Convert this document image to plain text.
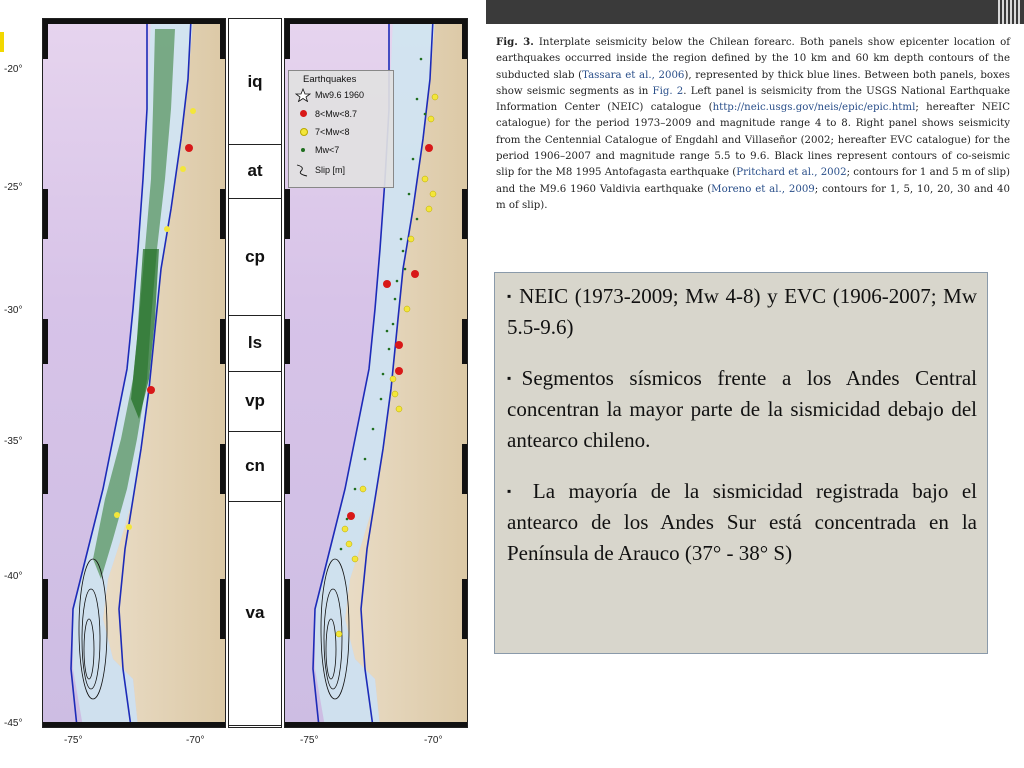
-20°
-25°
-30°
-35°
-40°
-45°
iq
at
cp
ls
vp
cn
va
Earthquakes
Mw9.6 1960
8<Mw<8.7
7<Mw<8
Mw<7
Slip [m]
-75°	-70°	-75°	-70°
Fig. 3. Interplate seismicity below the Chilean forearc. Both panels show epicenter location of earthquakes occurred inside the region defined by the 10 km and 60 km depth contours of the subducted slab (Tassara et al., 2006), represented by thick blue lines. Between both panels, boxes show seismic segments as in Fig. 2. Left panel is seismicity from the USGS National Earthquake Information Center (NEIC) catalogue (http://neic.usgs.gov/neis/epic/epic.html; hereafter NEIC catalogue) for the period 1973–2009 and magnitude range 4 to 8. Right panel shows seismicity from the Centennial Catalogue of Engdahl and Villaseñor (2002; hereafter EVC catalogue) for the period 1906–2007 and magnitude range 5.5 to 9.6. Black lines represent contours of co-seismic slip for the M8 1995 Antofagasta earthquake (Pritchard et al., 2002; contours for 1 and 5 m of slip) and the M9.6 1960 Valdivia earthquake (Moreno et al., 2009; contours for 1, 5, 10, 20, 30 and 40 m of slip).

▪ NEIC (1973-2009; Mw 4-8) y EVC (1906-2007; Mw 5.5-9.6)

▪Segmentos sísmicos frente a los Andes Central concentran la mayor parte de la sismicidad debajo del antearco chileno.

▪ La mayoría de la sismicidad registrada bajo el antearco de los Andes Sur está concentrada en la Península de Arauco (37° - 38° S)
